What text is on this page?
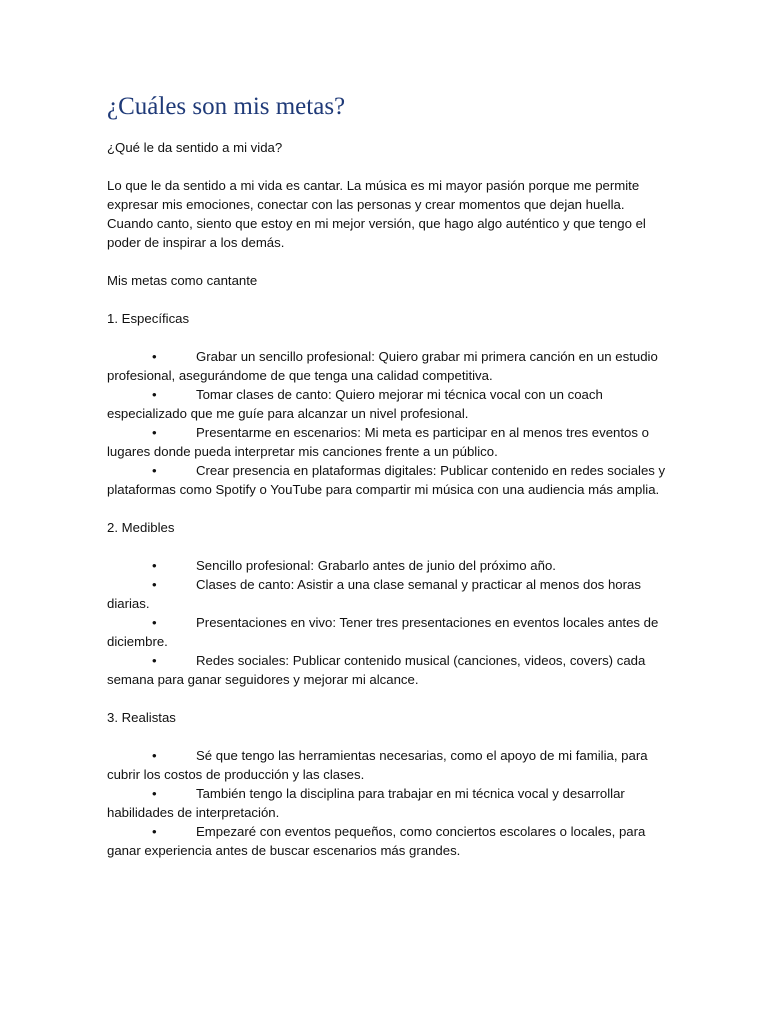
¿Cuáles son mis metas?

¿Qué le da sentido a mi vida?

Lo que le da sentido a mi vida es cantar. La música es mi mayor pasión porque me permite expresar mis emociones, conectar con las personas y crear momentos que dejan huella. Cuando canto, siento que estoy en mi mejor versión, que hago algo auténtico y que tengo el poder de inspirar a los demás.

Mis metas como cantante

1. Específicas

•	Grabar un sencillo profesional: Quiero grabar mi primera canción en un estudio profesional, asegurándome de que tenga una calidad competitiva.

•	Tomar clases de canto: Quiero mejorar mi técnica vocal con un coach especializado que me guíe para alcanzar un nivel profesional.

•	Presentarme en escenarios: Mi meta es participar en al menos tres eventos o lugares donde pueda interpretar mis canciones frente a un público.

•	Crear presencia en plataformas digitales: Publicar contenido en redes sociales y plataformas como Spotify o YouTube para compartir mi música con una audiencia más amplia.

2. Medibles

•	Sencillo profesional: Grabarlo antes de junio del próximo año.

•	Clases de canto: Asistir a una clase semanal y practicar al menos dos horas diarias.

•	Presentaciones en vivo: Tener tres presentaciones en eventos locales antes de diciembre.

•	Redes sociales: Publicar contenido musical (canciones, videos, covers) cada semana para ganar seguidores y mejorar mi alcance.

3. Realistas

•	Sé que tengo las herramientas necesarias, como el apoyo de mi familia, para cubrir los costos de producción y las clases.

•	También tengo la disciplina para trabajar en mi técnica vocal y desarrollar habilidades de interpretación.

•	Empezaré con eventos pequeños, como conciertos escolares o locales, para ganar experiencia antes de buscar escenarios más grandes.
